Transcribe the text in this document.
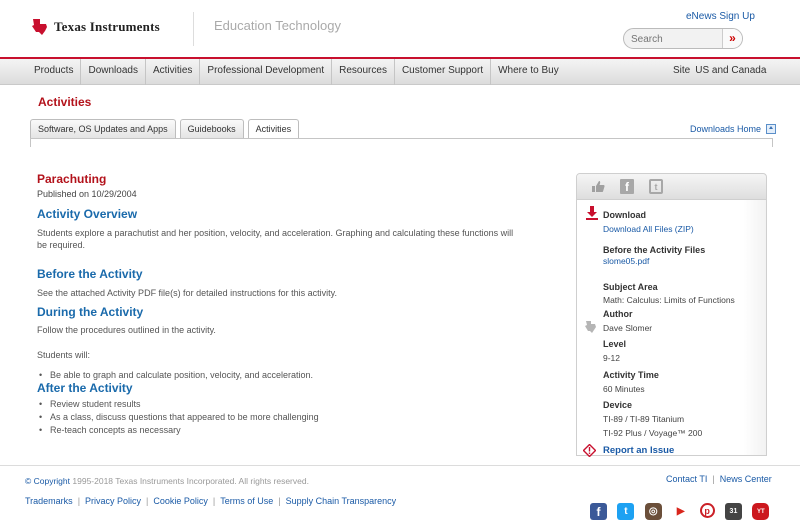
Texas Instruments	Education Technology
eNews Sign Up
Search
»
Products	Downloads	Activities	Professional Development	Resources	Customer Support	Where to Buy	Site US and Canada
Activities
Software, OS Updates and Apps	Guidebooks	Activities	Downloads Home
Parachuting
Published on 10/29/2004
Activity Overview
Students explore a parachutist and her position, velocity, and acceleration. Graphing and calculating these functions will
be required.
Before the Activity
See the attached Activity PDF file(s) for detailed instructions for this activity.
During the Activity
Follow the procedures outlined in the activity.
Students will:
• Be able to graph and calculate position, velocity, and acceleration.
After the Activity
• Review student results
• As a class, discuss questions that appeared to be more challenging
• Re-teach concepts as necessary
f	t
Download
Download All Files (ZIP)
Before the Activity Files
slome05.pdf
Subject Area
Math: Calculus: Limits of Functions
Author
Dave Slomer
Level
9-12
Activity Time
60 Minutes
Device
TI-89 / TI-89 Titanium
TI-92 Plus / Voyage™ 200
Report an Issue
© Copyright 1995-2018 Texas Instruments Incorporated. All rights reserved.	Contact TI | News Center
Trademarks | Privacy Policy | Cookie Policy | Terms of Use | Supply Chain Transparency
f	t	◎	▶	p	31	YT
